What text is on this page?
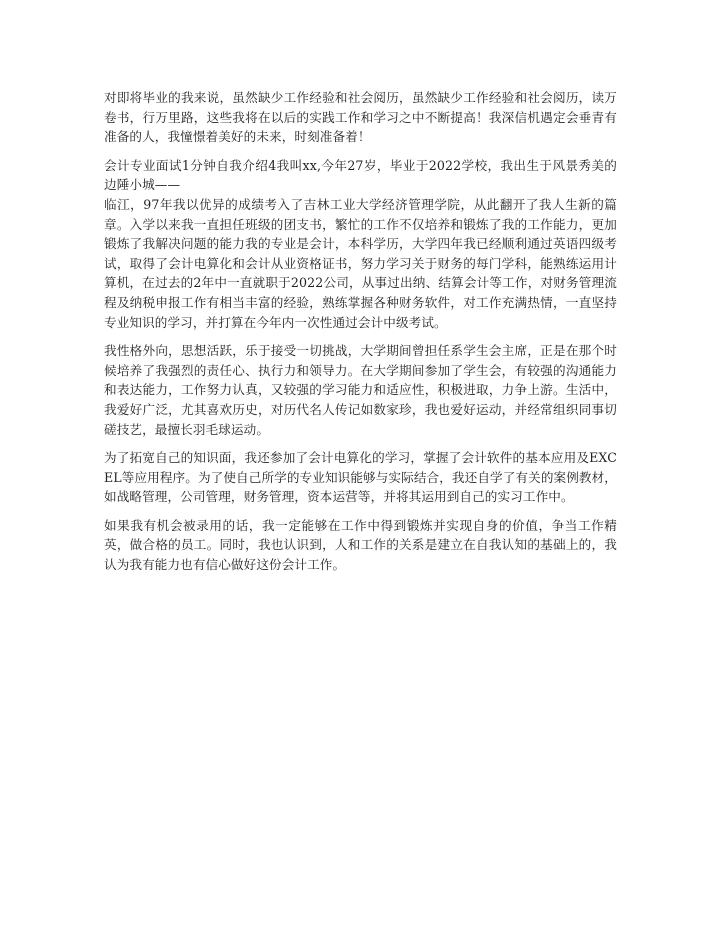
对即将毕业的我来说，虽然缺少工作经验和社会阅历，虽然缺少工作经验和社会阅历，读万卷书，行万里路，这些我将在以后的实践工作和学习之中不断提高！我深信机遇定会垂青有准备的人，我憧憬着美好的未来，时刻准备着！

会计专业面试1分钟自我介绍4我叫xx,今年27岁，毕业于2022学校，我出生于风景秀美的边陲小城——

临江，97年我以优异的成绩考入了吉林工业大学经济管理学院，从此翻开了我人生新的篇章。入学以来我一直担任班级的团支书，繁忙的工作不仅培养和锻炼了我的工作能力，更加锻炼了我解决问题的能力我的专业是会计，本科学历，大学四年我已经顺利通过英语四级考试，取得了会计电算化和会计从业资格证书，努力学习关于财务的每门学科，能熟练运用计算机，在过去的2年中一直就职于2022公司，从事过出纳、结算会计等工作，对财务管理流程及纳税申报工作有相当丰富的经验，熟练掌握各种财务软件，对工作充满热情，一直坚持专业知识的学习，并打算在今年内一次性通过会计中级考试。

我性格外向，思想活跃，乐于接受一切挑战，大学期间曾担任系学生会主席，正是在那个时候培养了我强烈的责任心、执行力和领导力。在大学期间参加了学生会，有较强的沟通能力和表达能力，工作努力认真，又较强的学习能力和适应性，积极进取，力争上游。生活中，我爱好广泛，尤其喜欢历史，对历代名人传记如数家珍，我也爱好运动，并经常组织同事切磋技艺，最擅长羽毛球运动。

为了拓宽自己的知识面，我还参加了会计电算化的学习，掌握了会计软件的基本应用及EXCEL等应用程序。为了使自己所学的专业知识能够与实际结合，我还自学了有关的案例教材，如战略管理，公司管理，财务管理，资本运营等，并将其运用到自己的实习工作中。

如果我有机会被录用的话，我一定能够在工作中得到锻炼并实现自身的价值，争当工作精英，做合格的员工。同时，我也认识到，人和工作的关系是建立在自我认知的基础上的，我认为我有能力也有信心做好这份会计工作。
